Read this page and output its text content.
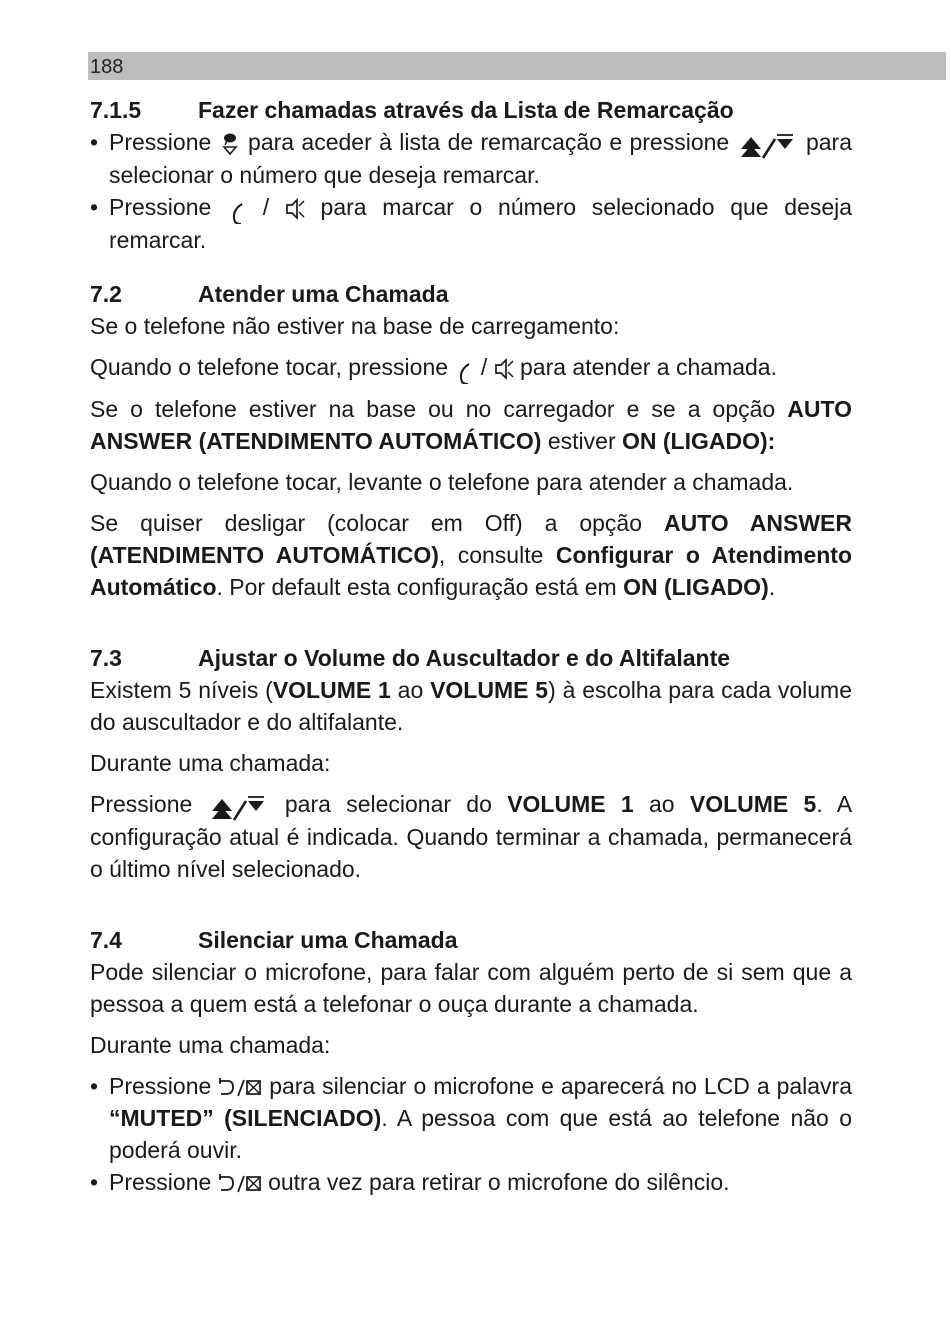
188
7.1.5	Fazer chamadas através da Lista de Remarcação
• Pressione para aceder à lista de remarcação e pressione	para selecionar o número que deseja remarcar.
• Pressione
/
para marcar o número selecionado que deseja remarcar.
7.2	Atender uma Chamada

Se o telefone não estiver na base de carregamento:

Quando o telefone tocar, pressione / para atender a chamada.

Se o telefone estiver na base ou no carregador e se a opção AUTO ANSWER (ATENDIMENTO AUTOMÁTICO) estiver ON (LIGADO):

Quando o telefone tocar, levante o telefone para atender a chamada.

Se quiser desligar (colocar em Off) a opção AUTO ANSWER (ATENDIMENTO AUTOMÁTICO), consulte Configurar o Atendimento Automático. Por default esta configuração está em ON (LIGADO).

7.3	Ajustar o Volume do Auscultador e do Altifalante

Existem 5 níveis (VOLUME 1 ao VOLUME 5) à escolha para cada volume do auscultador e do altifalante.

Durante uma chamada:

Pressione	para selecionar do VOLUME 1 ao VOLUME 5. A configuração atual é indicada. Quando terminar a chamada, permanecerá o último nível selecionado.

7.4	Silenciar uma Chamada

Pode silenciar o microfone, para falar com alguém perto de si sem que a pessoa a quem está a telefonar o ouça durante a chamada.

Durante uma chamada:

• Pressione	para silenciar o microfone e aparecerá no LCD a palavra “MUTED” (SILENCIADO). A pessoa com que está ao telefone não o poderá ouvir.
• Pressione outra vez para retirar o microfone do silêncio.
